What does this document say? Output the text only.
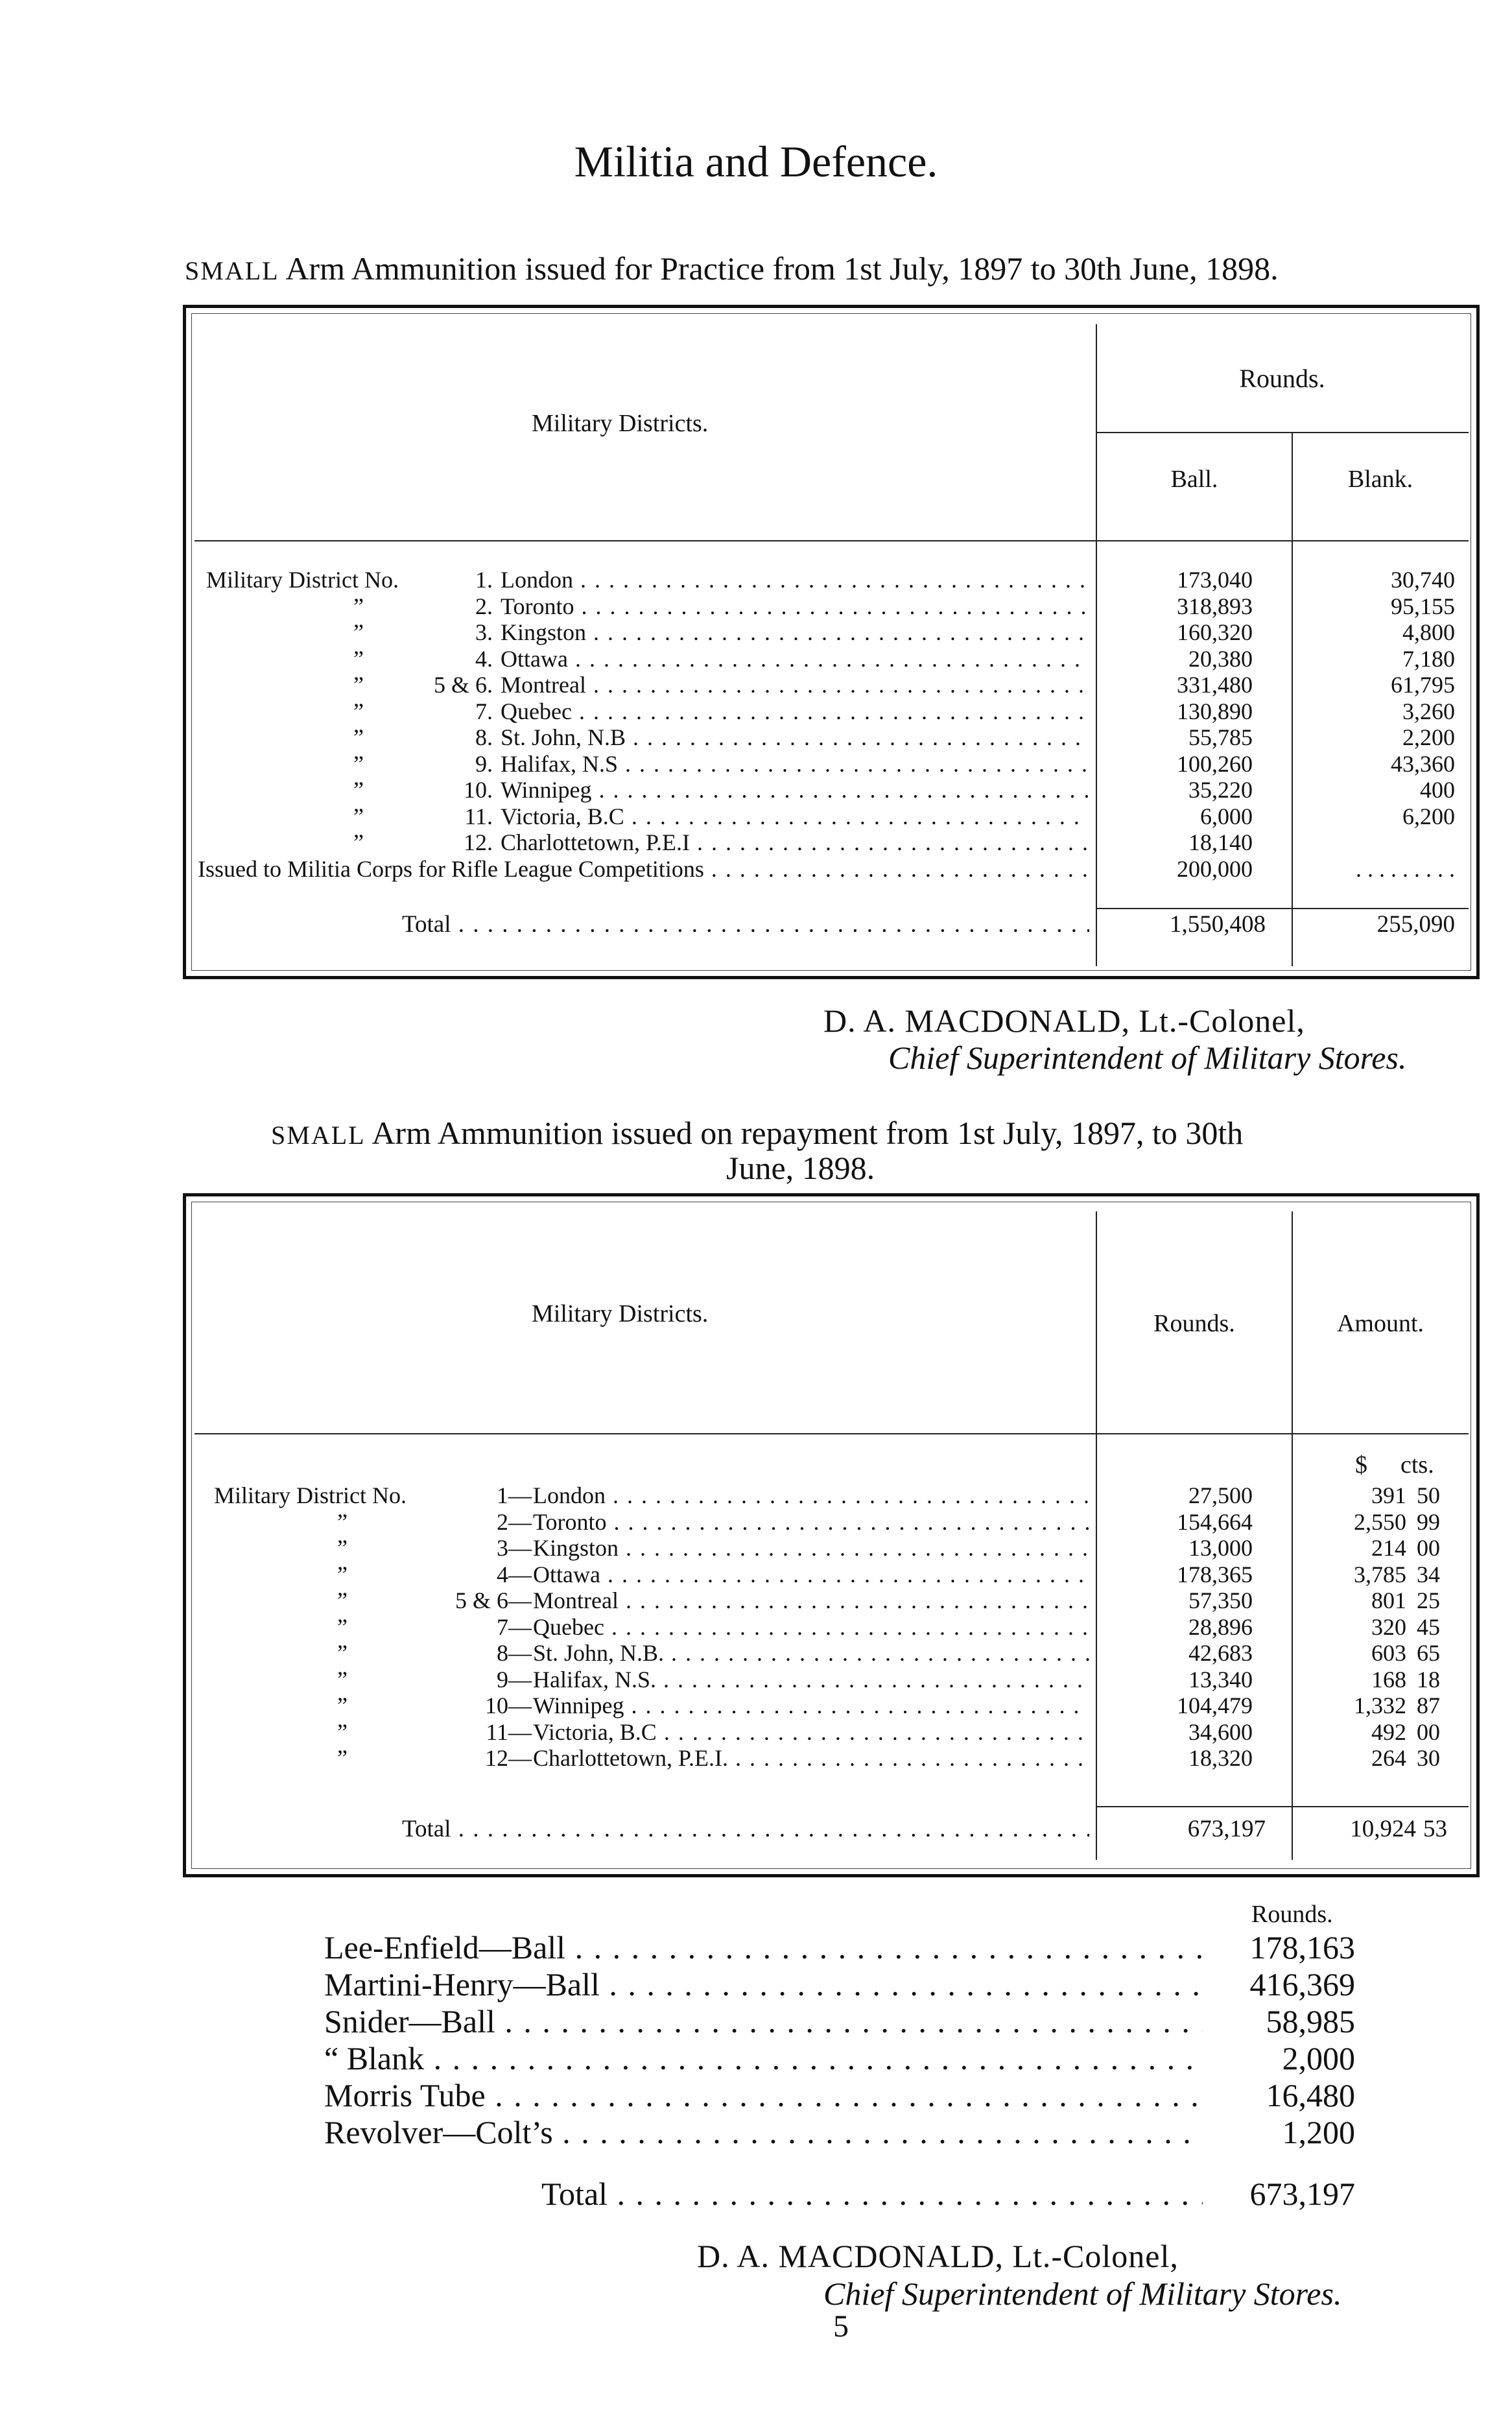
Militia and Defence.
SMALL Arm Ammunition issued for Practice from 1st July, 1897 to 30th June, 1898.
Military Districts.
Rounds.
Ball.	Blank.
Military District No.	1. London . . .	173,040	30,740
”	2. Toronto . . .	318,893	95,155
”	3. Kingston . . .	160,320	4,800
”	4. Ottawa . . .	20,380	7,180
”	5 & 6. Montreal . . .	331,480	61,795
”	7. Quebec . . .	130,890	3,260
”	8. St. John, N.B . . .	55,785	2,200
”	9. Halifax, N.S . . .	100,260	43,360
”	10. Winnipeg . . .	35,220	400
”	11. Victoria, B.C . . .	6,000	6,200
”	12. Charlottetown, P.E.I . . .	18,140
Issued to Militia Corps for Rifle League Competitions . . .	200,000	. . . . . . . . .
Total . . .	1,550,408	255,090
D. A. MACDONALD, Lt.-Colonel,
Chief Superintendent of Military Stores.
SMALL Arm Ammunition issued on repayment from 1st July, 1897, to 30th
June, 1898.
Military Districts.	Rounds.	Amount.
$ cts.
Military District No.	1— London . . .	27,500	391 50
”	2— Toronto . . .	154,664	2,550 99
”	3— Kingston . . .	13,000	214 00
”	4— Ottawa . . .	178,365	3,785 34
”	5 & 6— Montreal . . .	57,350	801 25
”	7— Quebec . . .	28,896	320 45
”	8— St. John, N.B. . . .	42,683	603 65
”	9— Halifax, N.S. . . .	13,340	168 18
”	10— Winnipeg . . .	104,479	1,332 87
”	11— Victoria, B.C . . .	34,600	492 00
”	12— Charlottetown, P.E.I. . . .	18,320	264 30
Total . . .	673,197	10,924 53
Rounds.
Lee-Enfield—Ball . . .	178,163
Martini-Henry—Ball . . .	416,369
Snider—Ball . . .	58,985
“ Blank . . .	2,000
Morris Tube . . .	16,480
Revolver—Colt’s . . .	1,200
Total . . .	673,197
D. A. MACDONALD, Lt.-Colonel,
Chief Superintendent of Military Stores.
5
